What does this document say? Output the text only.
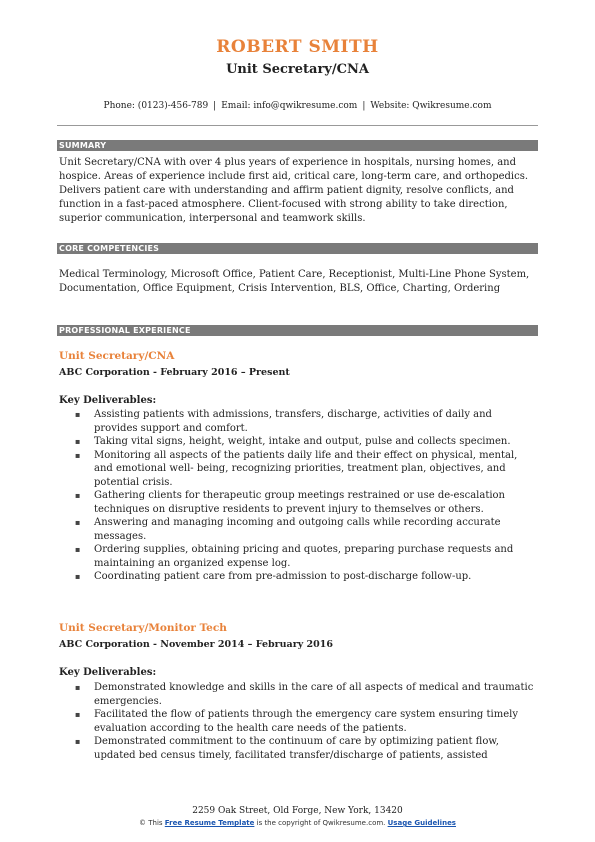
ROBERT SMITH
Unit Secretary/CNA
Phone: (0123)-456-789 | Email: info@qwikresume.com | Website: Qwikresume.com
SUMMARY
Unit Secretary/CNA with over 4 plus years of experience in hospitals, nursing homes, and hospice. Areas of experience include first aid, critical care, long-term care, and orthopedics. Delivers patient care with understanding and affirm patient dignity, resolve conflicts, and function in a fast-paced atmosphere. Client-focused with strong ability to take direction, superior communication, interpersonal and teamwork skills.
CORE COMPETENCIES
Medical Terminology, Microsoft Office, Patient Care, Receptionist, Multi-Line Phone System, Documentation, Office Equipment, Crisis Intervention, BLS, Office, Charting, Ordering
PROFESSIONAL EXPERIENCE
Unit Secretary/CNA
ABC Corporation - February 2016 – Present
Key Deliverables:
▪ Assisting patients with admissions, transfers, discharge, activities of daily and provides support and comfort.
▪ Taking vital signs, height, weight, intake and output, pulse and collects specimen.
▪ Monitoring all aspects of the patients daily life and their effect on physical, mental, and emotional well- being, recognizing priorities, treatment plan, objectives, and potential crisis.
▪ Gathering clients for therapeutic group meetings restrained or use de-escalation techniques on disruptive residents to prevent injury to themselves or others.
▪ Answering and managing incoming and outgoing calls while recording accurate messages.
▪ Ordering supplies, obtaining pricing and quotes, preparing purchase requests and maintaining an organized expense log.
▪ Coordinating patient care from pre-admission to post-discharge follow-up.
Unit Secretary/Monitor Tech
ABC Corporation - November 2014 – February 2016
Key Deliverables:
▪ Demonstrated knowledge and skills in the care of all aspects of medical and traumatic emergencies.
▪ Facilitated the flow of patients through the emergency care system ensuring timely evaluation according to the health care needs of the patients.
▪ Demonstrated commitment to the continuum of care by optimizing patient flow, updated bed census timely, facilitated transfer/discharge of patients, assisted
2259 Oak Street, Old Forge, New York, 13420
© This Free Resume Template is the copyright of Qwikresume.com. Usage Guidelines
